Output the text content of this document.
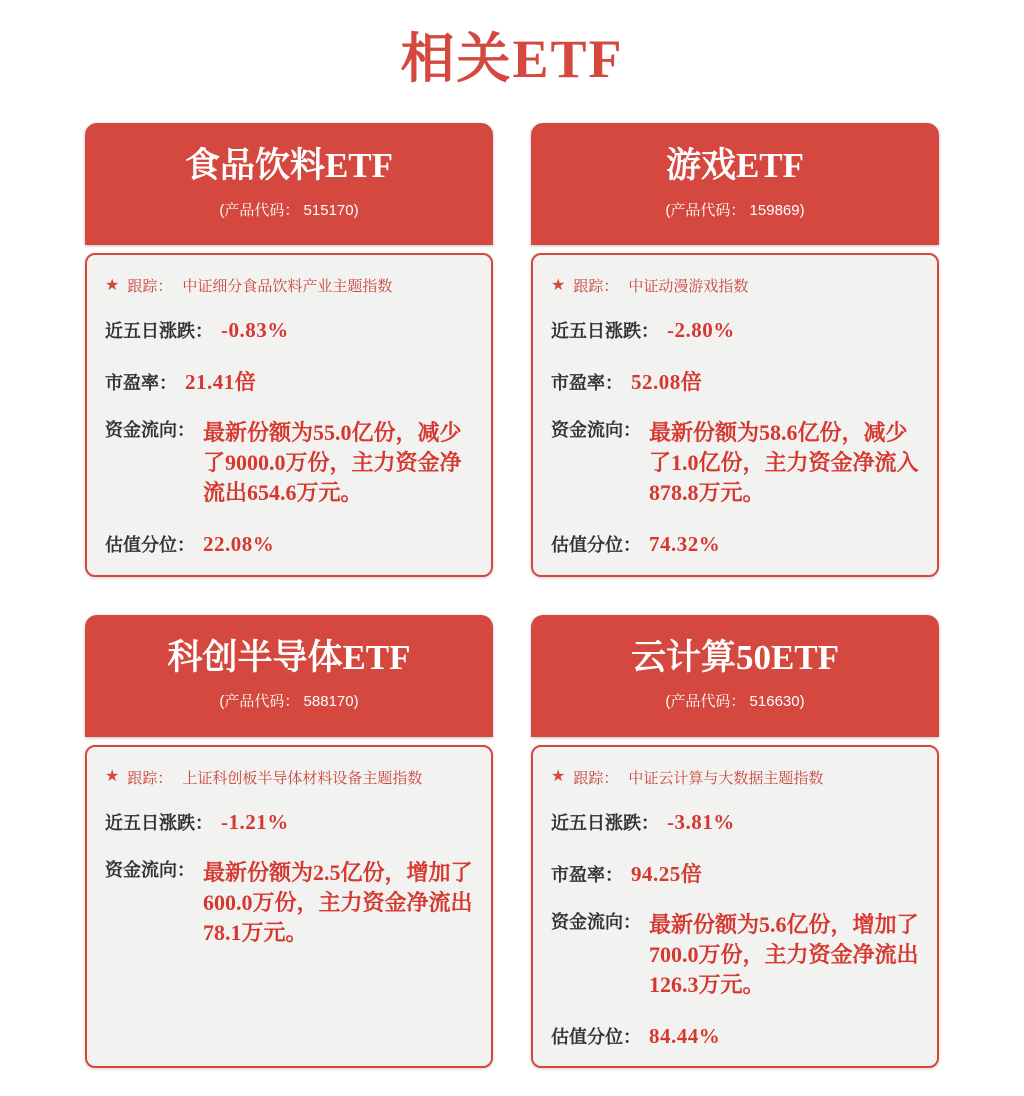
相关ETF
食品饮料ETF
(产品代码： 515170)
★ 跟踪： 中证细分食品饮料产业主题指数
近五日涨跌： -0.83%
市盈率： 21.41倍
资金流向： 最新份额为55.0亿份，减少了9000.0万份，主力资金净流出654.6万元。
估值分位： 22.08%
游戏ETF
(产品代码： 159869)
★ 跟踪： 中证动漫游戏指数
近五日涨跌： -2.80%
市盈率： 52.08倍
资金流向： 最新份额为58.6亿份，减少了1.0亿份，主力资金净流入878.8万元。
估值分位： 74.32%
科创半导体ETF
(产品代码： 588170)
★ 跟踪： 上证科创板半导体材料设备主题指数
近五日涨跌： -1.21%
资金流向： 最新份额为2.5亿份，增加了600.0万份，主力资金净流出78.1万元。
云计算50ETF
(产品代码： 516630)
★ 跟踪： 中证云计算与大数据主题指数
近五日涨跌： -3.81%
市盈率： 94.25倍
资金流向： 最新份额为5.6亿份，增加了700.0万份，主力资金净流出126.3万元。
估值分位： 84.44%
